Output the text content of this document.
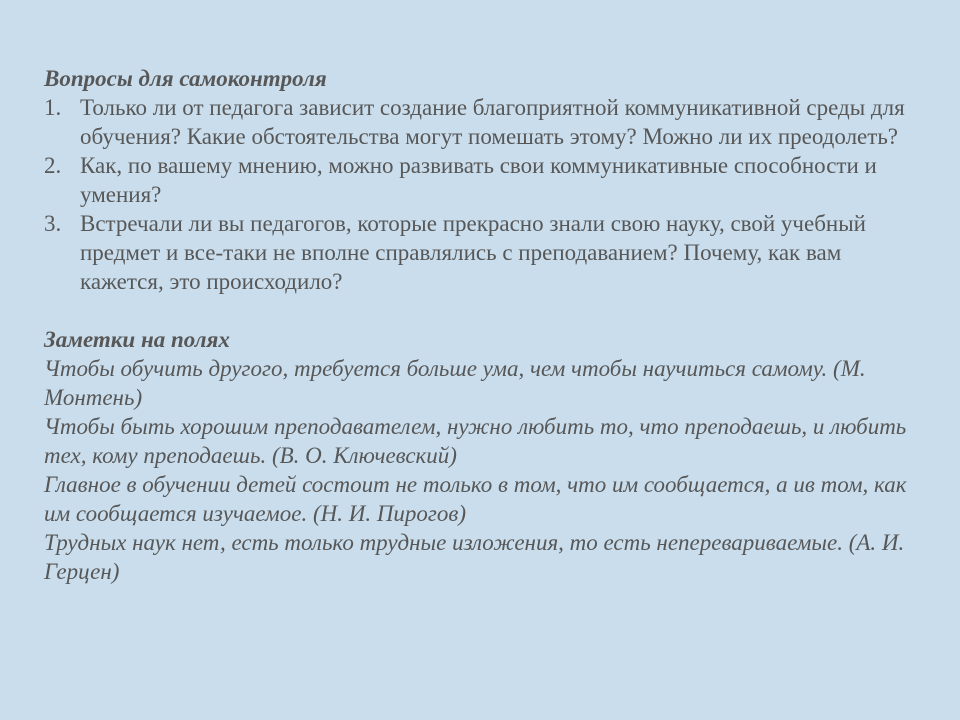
Вопросы для самоконтроля

1. Только ли от педагога зависит создание благоприятной коммуникативной среды для обучения? Какие обстоятельства могут помешать этому? Можно ли их преодолеть?
2. Как, по вашему мнению, можно развивать свои коммуникативные способности и умения?
3. Встречали ли вы педагогов, которые прекрасно знали свою науку, свой учебный предмет и все-таки не вполне справлялись с преподаванием? Почему, как вам кажется, это происходило?

Заметки на полях

Чтобы обучить другого, требуется больше ума, чем чтобы научиться самому. (М. Монтень)

Чтобы быть хорошим преподавателем, нужно любить то, что преподаешь, и любить тех, кому преподаешь. (В. О. Ключевский)

Главное в обучении детей состоит не только в том, что им сообщается, а ив том, как им сообщается изучаемое. (Н. И. Пирогов)

Трудных наук нет, есть только трудные изложения, то есть неперевариваемые. (А. И. Герцен)
